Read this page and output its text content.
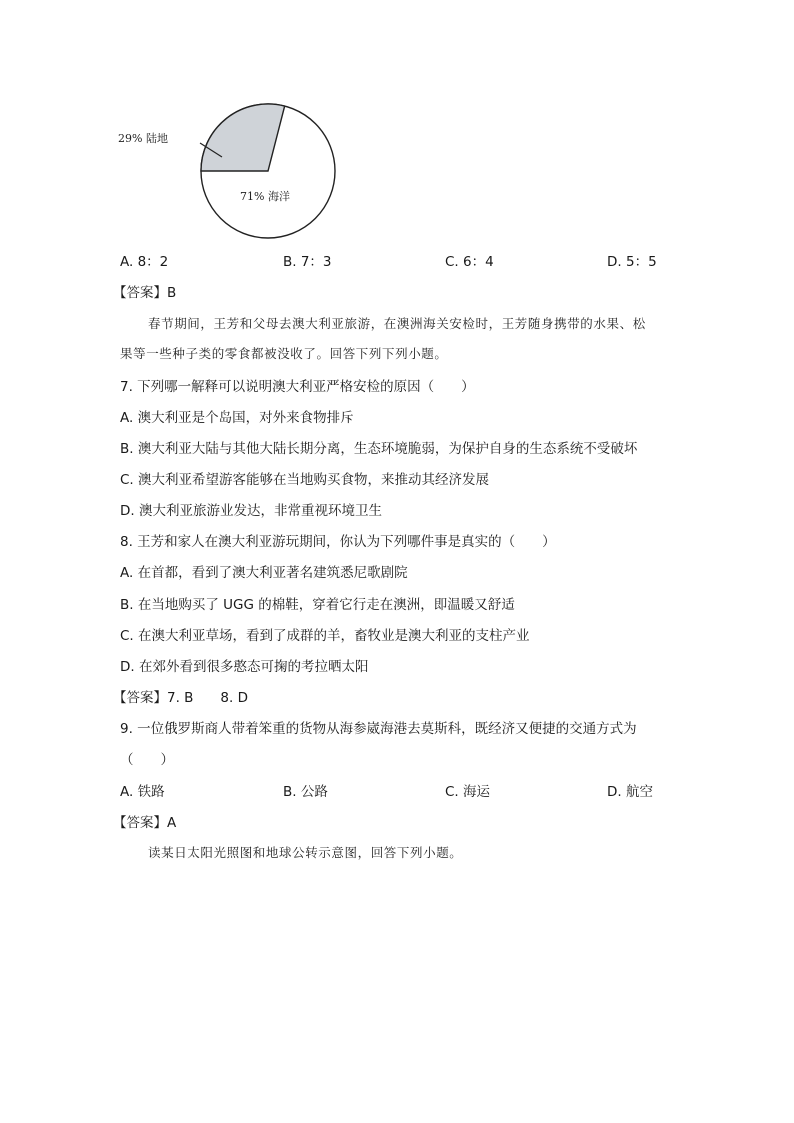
29% 陆地
71% 海洋
A. 8：2	B. 7：3	C. 6：4	D. 5：5
【答案】B
春节期间，王芳和父母去澳大利亚旅游，在澳洲海关安检时，王芳随身携带的水果、松
果等一些种子类的零食都被没收了。回答下列下列小题。
7. 下列哪一解释可以说明澳大利亚严格安检的原因（　　）
A. 澳大利亚是个岛国，对外来食物排斥
B. 澳大利亚大陆与其他大陆长期分离，生态环境脆弱，为保护自身的生态系统不受破坏
C. 澳大利亚希望游客能够在当地购买食物，来推动其经济发展
D. 澳大利亚旅游业发达，非常重视环境卫生
8. 王芳和家人在澳大利亚游玩期间，你认为下列哪件事是真实的（　　）
A. 在首都，看到了澳大利亚著名建筑悉尼歌剧院
B. 在当地购买了 UGG 的棉鞋，穿着它行走在澳洲，即温暖又舒适
C. 在澳大利亚草场，看到了成群的羊，畜牧业是澳大利亚的支柱产业
D. 在郊外看到很多憨态可掬的考拉晒太阳
【答案】7. B　　8. D
9. 一位俄罗斯商人带着笨重的货物从海参崴海港去莫斯科，既经济又便捷的交通方式为
（　　）
A. 铁路	B. 公路	C. 海运	D. 航空
【答案】A
读某日太阳光照图和地球公转示意图，回答下列小题。
